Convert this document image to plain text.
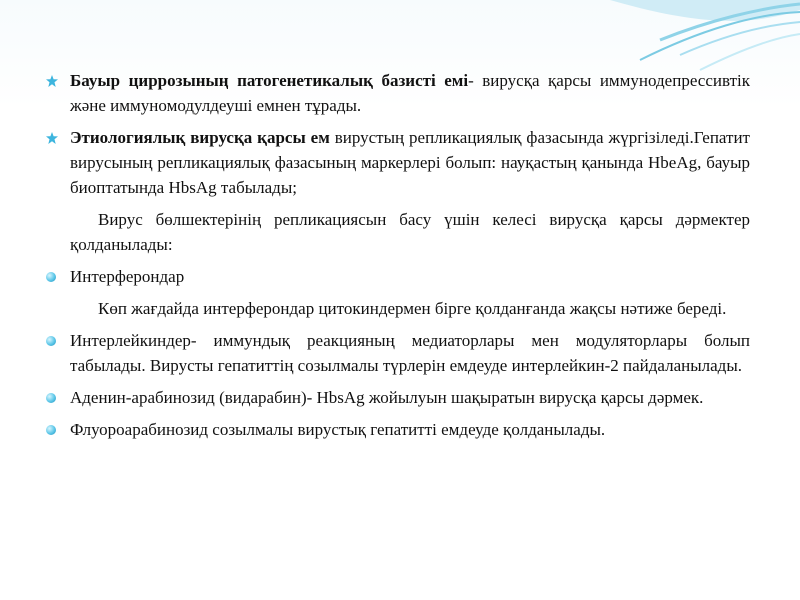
Бауыр циррозының патогенетикалық базисті емі- вирусқа қарсы иммунодепрессивтік және иммуномодулдеуші емнен тұрады.

Этиологиялық вирусқа қарсы ем вирустың репликациялық фазасында жүргізіледі.Гепатит вирусының репликациялық фазасының маркерлері болып: науқастың қанында HbeAg, бауыр биоптатында HbsAg табылады;

Вирус бөлшектерінің репликациясын басу үшін келесі вирусқа қарсы дәрмектер қолданылады:

Интерферондар

Көп жағдайда интерферондар цитокиндермен бірге қолданғанда жақсы нәтиже береді.

Интерлейкиндер- иммундық реакцияның медиаторлары мен модуляторлары болып табылады. Вирусты гепатиттің созылмалы түрлерін емдеуде интерлейкин-2 пайдаланылады.

Аденин-арабинозид (видарабин)- HbsAg жойылуын шақыратын вирусқа қарсы дәрмек.

Флуороарабинозид созылмалы вирустық гепатитті емдеуде қолданылады.
